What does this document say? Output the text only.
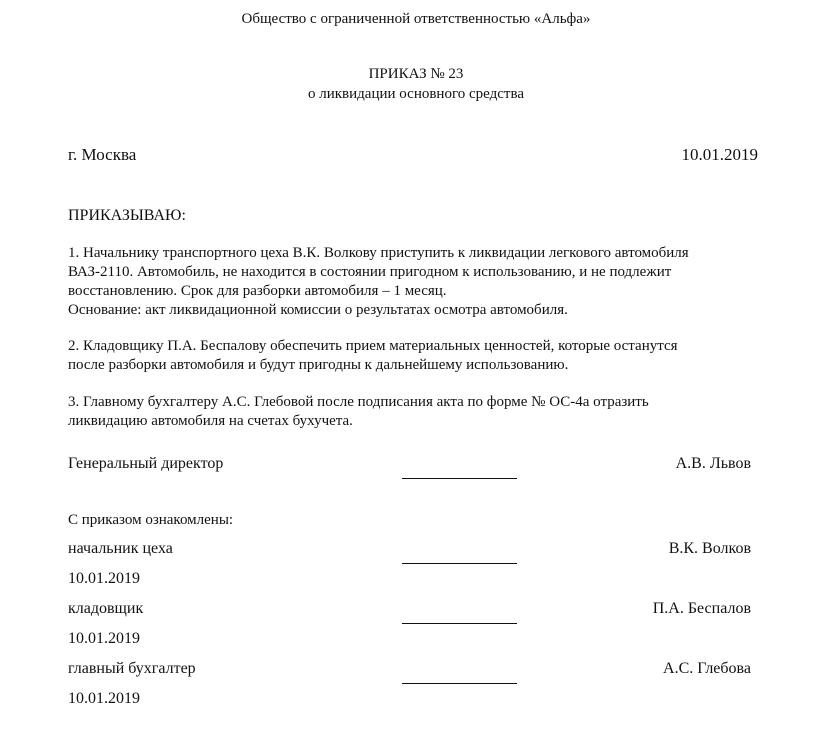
Общество с ограниченной ответственностью «Альфа»
ПРИКАЗ № 23
о ликвидации основного средства
г. Москва	10.01.2019
ПРИКАЗЫВАЮ:
1. Начальнику транспортного цеха В.К. Волкову приступить к ликвидации легкового автомобиля
ВАЗ-2110. Автомобиль, не находится в состоянии пригодном к использованию, и не подлежит
восстановлению. Срок для разборки автомобиля – 1 месяц.
Основание: акт ликвидационной комиссии о результатах осмотра автомобиля.
2. Кладовщику П.А. Беспалову обеспечить прием материальных ценностей, которые останутся
после разборки автомобиля и будут пригодны к дальнейшему использованию.
3. Главному бухгалтеру А.С. Глебовой после подписания акта по форме № ОС-4а отразить
ликвидацию автомобиля на счетах бухучета.
Генеральный директор	А.В. Львов
С приказом ознакомлены:
начальник цеха	В.К. Волков
10.01.2019
кладовщик	П.А. Беспалов
10.01.2019
главный бухгалтер	А.С. Глебова
10.01.2019
